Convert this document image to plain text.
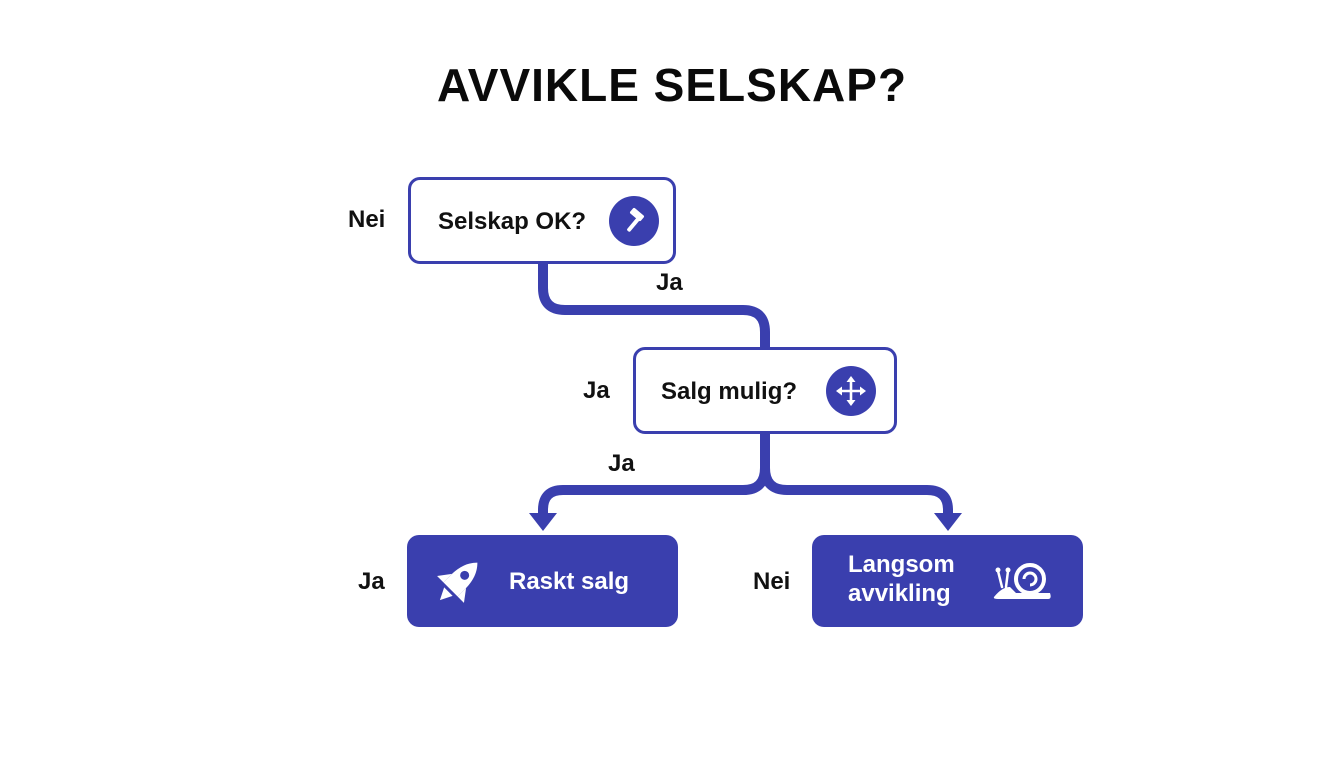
AVVIKLE SELSKAP?
Selskap OK?
Nei
Ja
Salg mulig?
Ja
Ja
Raskt salg
Ja
Langsom
avvikling
Nei
